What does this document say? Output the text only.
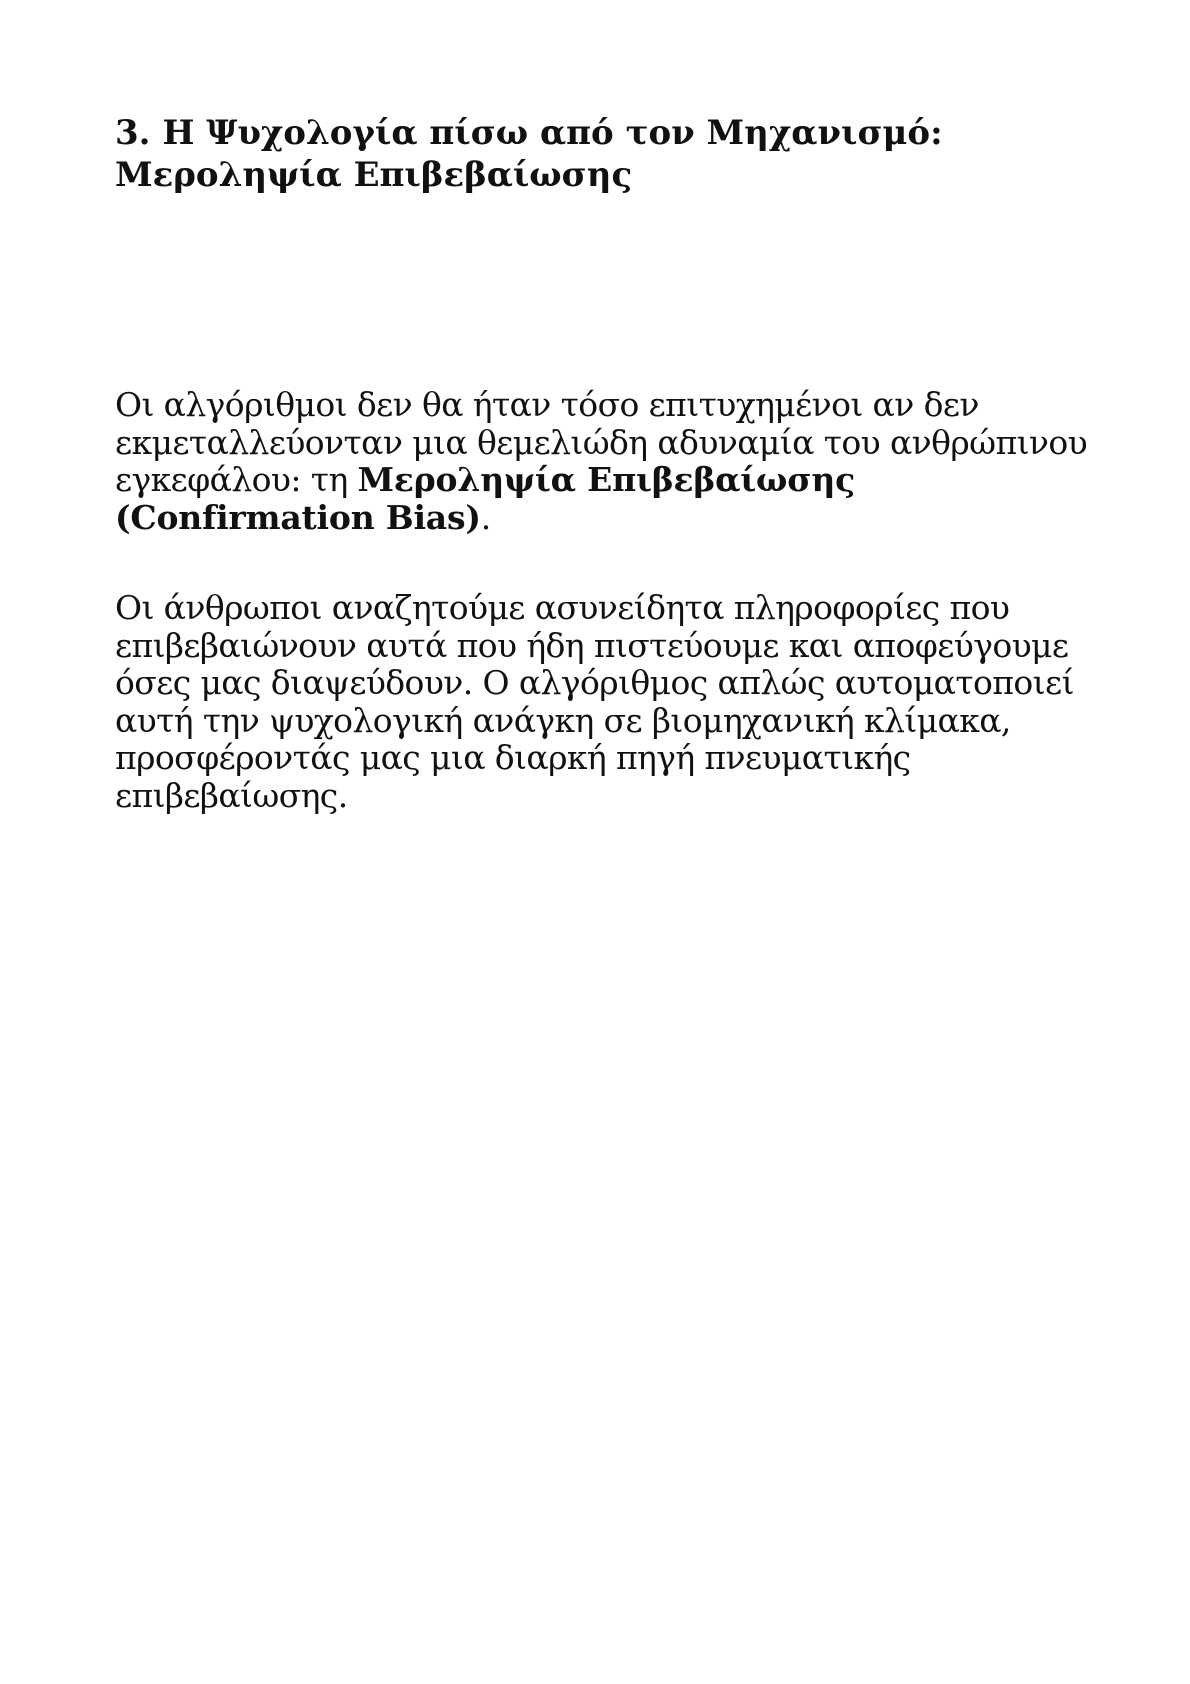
3. Η Ψυχολογία πίσω από τον Μηχανισμό:
Μεροληψία Επιβεβαίωσης

Οι αλγόριθμοι δεν θα ήταν τόσο επιτυχημένοι αν δεν
εκμεταλλεύονταν μια θεμελιώδη αδυναμία του ανθρώπινου
εγκεφάλου: τη Μεροληψία Επιβεβαίωσης
(Confirmation Bias).

Οι άνθρωποι αναζητούμε ασυνείδητα πληροφορίες που
επιβεβαιώνουν αυτά που ήδη πιστεύουμε και αποφεύγουμε
όσες μας διαψεύδουν. Ο αλγόριθμος απλώς αυτοματοποιεί
αυτή την ψυχολογική ανάγκη σε βιομηχανική κλίμακα,
προσφέροντάς μας μια διαρκή πηγή πνευματικής
επιβεβαίωσης.
